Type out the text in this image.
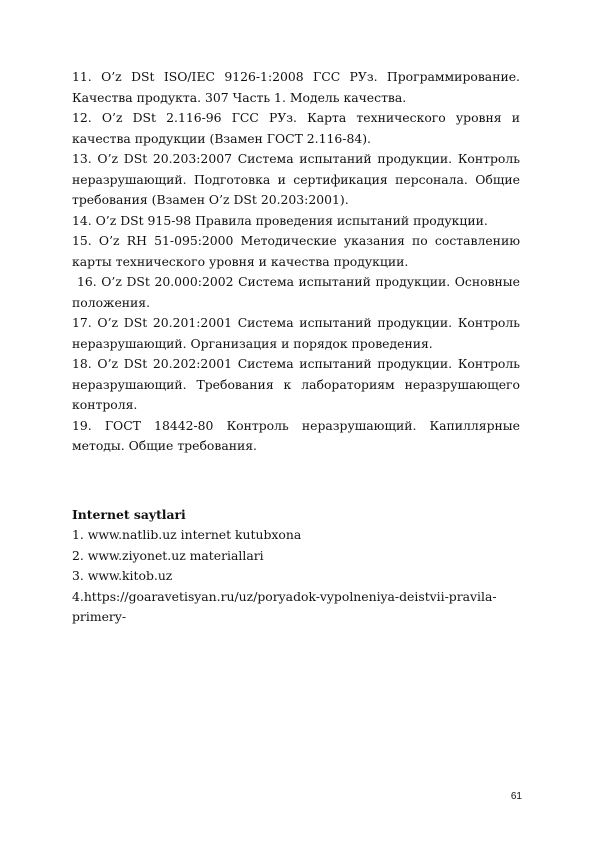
11. O’z DSt ISO/IEC 9126-1:2008 ГСС РУз. Программирование. Качества продукта. 307 Часть 1. Модель качества.

12. O’z DSt 2.116-96 ГСС РУз. Карта технического уровня и качества продукции (Взамен ГОСТ 2.116-84).

13. O’z DSt 20.203:2007 Система испытаний продукции. Контроль неразрушающий. Подготовка и сертификация персонала. Общие требования (Взамен O’z DSt 20.203:2001).

14. O’z DSt 915-98 Правила проведения испытаний продукции.

15. O’z RH 51-095:2000 Методические указания по составлению карты технического уровня и качества продукции.

16. O’z DSt 20.000:2002 Система испытаний продукции. Основные положения.

17. O’z DSt 20.201:2001 Система испытаний продукции. Контроль неразрушающий. Организация и порядок проведения.

18. O’z DSt 20.202:2001 Система испытаний продукции. Контроль неразрушающий. Требования к лабораториям неразрушающего контроля.

19. ГОСТ 18442-80 Контроль неразрушающий. Капиллярные методы. Общие требования.

Internet saytlari

1. www.natlib.uz internet kutubxona

2. www.ziyonet.uz materiallari

3. www.kitob.uz

4.https://goaravetisyan.ru/uz/poryadok-vypolneniya-deistvii-pravila-primery-

61
